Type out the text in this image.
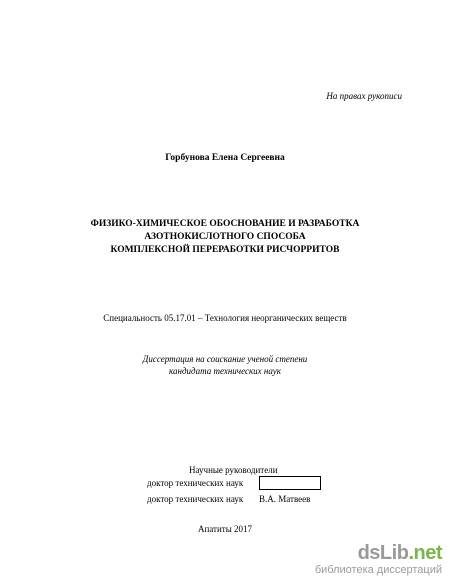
На правах рукописи
Горбунова Елена Сергеевна
ФИЗИКО-ХИМИЧЕСКОЕ ОБОСНОВАНИЕ И РАЗРАБОТКА
АЗОТНОКИСЛОТНОГО СПОСОБА
КОМПЛЕКСНОЙ ПЕРЕРАБОТКИ РИСЧОРРИТОВ
Специальность 05.17.01 – Технология неорганических веществ
Диссертация на соискание ученой степени
кандидата технических наук
Научные руководители
доктор технических наук
доктор технических наук В.А. Матвеев
Апатиты 2017
dsLib.net
библиотека диссертаций
